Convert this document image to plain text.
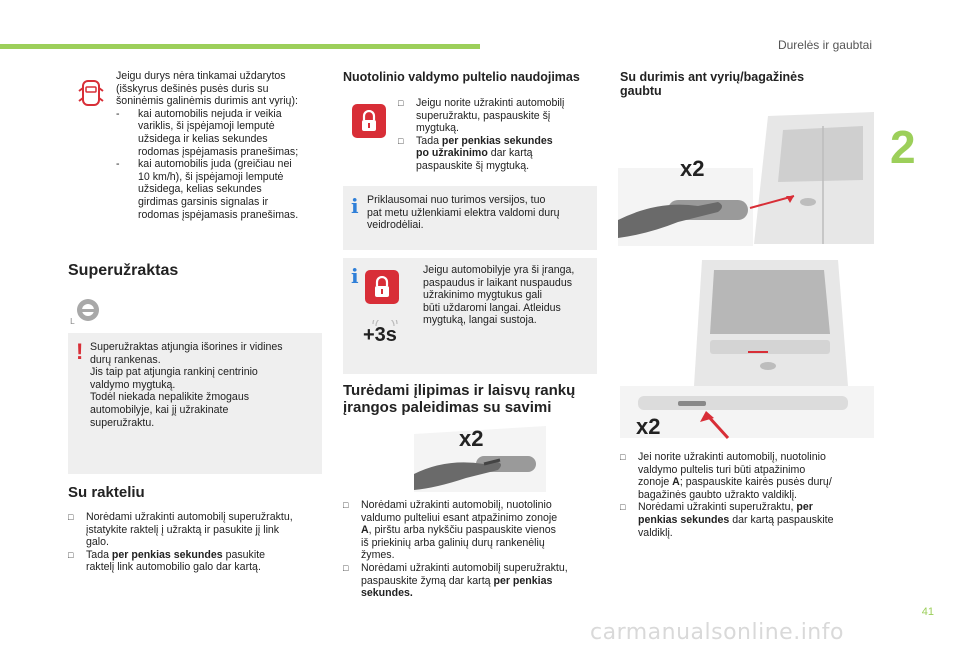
Durelės ir gaubtai
2
41
carmanualsonline.info
Jeigu durys nėra tinkamai uždarytos
(išskyrus dešinės pusės duris su
šoninėmis galinėmis durimis ant vyrių):
-	kai automobilis nejuda ir veikia
variklis, ši įspėjamoji lemputė
užsidega ir kelias sekundes
rodomas įspėjamasis pranešimas;
-	kai automobilis juda (greičiau nei
10 km/h), ši įspėjamoji lemputė
užsidega, kelias sekundes
girdimas garsinis signalas ir
rodomas įspėjamasis pranešimas.
Superužraktas
L
! Superužraktas atjungia išorines ir vidines
durų rankenas.
Jis taip pat atjungia rankinį centrinio
valdymo mygtuką.
Todėl niekada nepalikite žmogaus
automobilyje, kai jį užrakinate
superužraktu.
Su rakteliu
□	Norėdami užrakinti automobilį superužraktu,
įstatykite raktelį į užraktą ir pasukite jį link
galo.
□	Tada per penkias sekundes pasukite
raktelį link automobilio galo dar kartą.
Nuotolinio valdymo pultelio naudojimas
□	Jeigu norite užrakinti automobilį
superužraktu, paspauskite šį
mygtuką.
□	Tada per penkias sekundes
po užrakinimo dar kartą
paspauskite šį mygtuką.
i Priklausomai nuo turimos versijos, tuo
pat metu užlenkiami elektra valdomi durų
veidrodėliai.
i
+3s
Jeigu automobilyje yra ši įranga,
paspaudus ir laikant nuspaudus
užrakinimo mygtukus gali
būti uždaromi langai. Atleidus
mygtuką, langai sustoja.
Turėdami įlipimas ir laisvų rankų
įrangos paleidimas su savimi
x2
□	Norėdami užrakinti automobilį, nuotolinio
valdumo pulteliui esant atpažinimo zonoje
A, pirštu arba nykščiu paspauskite vienos
iš priekinių arba galinių durų rankenėlių
žymes.
□	Norėdami užrakinti automobilį superužraktu,
paspauskite žymą dar kartą per penkias
sekundes.
Su durimis ant vyrių/bagažinės
gaubtu
x2
x2
□	Jei norite užrakinti automobilį, nuotolinio
valdymo pultelis turi būti atpažinimo
zonoje A; paspauskite kairės pusės durų/
bagažinės gaubto užrakto valdiklį.
□	Norėdami užrakinti superužraktu, per
penkias sekundes dar kartą paspauskite
valdiklį.
